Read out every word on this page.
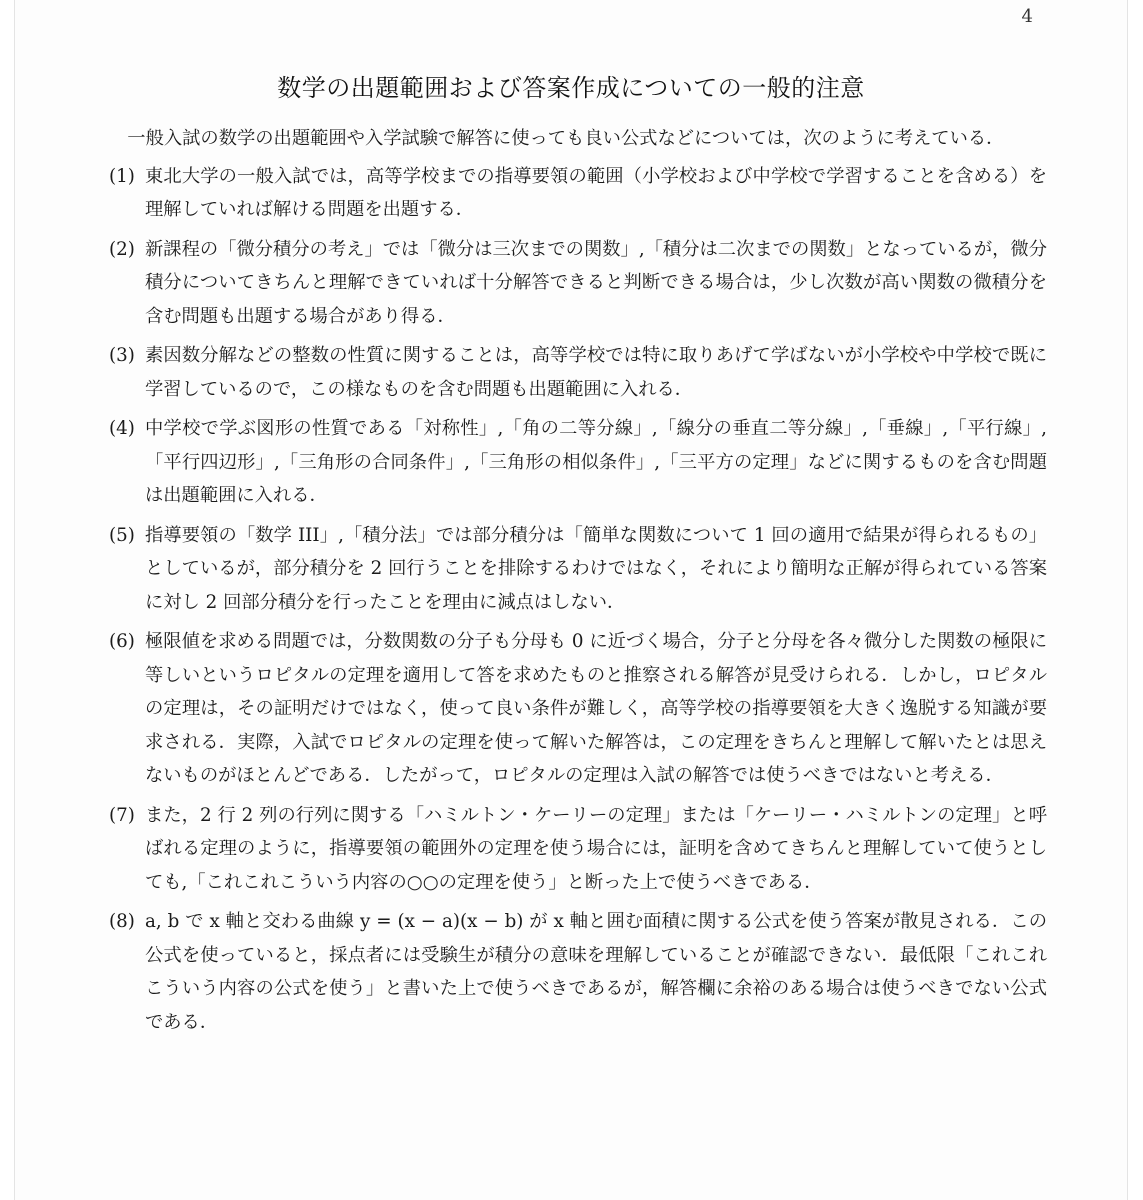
4
数学の出題範囲および答案作成についての一般的注意

一般入試の数学の出題範囲や入学試験で解答に使っても良い公式などについては，次のように考えている．

(1) 東北大学の一般入試では，高等学校までの指導要領の範囲（小学校および中学校で学習することを含める）を理解していれば解ける問題を出題する．
(2) 新課程の「微分積分の考え」では「微分は三次までの関数」,「積分は二次までの関数」となっているが，微分積分についてきちんと理解できていれば十分解答できると判断できる場合は，少し次数が高い関数の微積分を含む問題も出題する場合があり得る．
(3) 素因数分解などの整数の性質に関することは，高等学校では特に取りあげて学ばないが小学校や中学校で既に学習しているので，この様なものを含む問題も出題範囲に入れる．
(4) 中学校で学ぶ図形の性質である「対称性」,「角の二等分線」,「線分の垂直二等分線」,「垂線」,「平行線」,「平行四辺形」,「三角形の合同条件」,「三角形の相似条件」,「三平方の定理」などに関するものを含む問題は出題範囲に入れる．
(5) 指導要領の「数学 III」,「積分法」では部分積分は「簡単な関数について 1 回の適用で結果が得られるもの」としているが，部分積分を 2 回行うことを排除するわけではなく，それにより簡明な正解が得られている答案に対し 2 回部分積分を行ったことを理由に減点はしない．
(6) 極限値を求める問題では，分数関数の分子も分母も 0 に近づく場合，分子と分母を各々微分した関数の極限に等しいというロピタルの定理を適用して答を求めたものと推察される解答が見受けられる．しかし，ロピタルの定理は，その証明だけではなく，使って良い条件が難しく，高等学校の指導要領を大きく逸脱する知識が要求される．実際，入試でロピタルの定理を使って解いた解答は，この定理をきちんと理解して解いたとは思えないものがほとんどである．したがって，ロピタルの定理は入試の解答では使うべきではないと考える．
(7) また，2 行 2 列の行列に関する「ハミルトン・ケーリーの定理」または「ケーリー・ハミルトンの定理」と呼ばれる定理のように，指導要領の範囲外の定理を使う場合には，証明を含めてきちんと理解していて使うとしても,「これこれこういう内容の○○の定理を使う」と断った上で使うべきである．
(8) a, b で x 軸と交わる曲線 y = (x − a)(x − b) が x 軸と囲む面積に関する公式を使う答案が散見される．この公式を使っていると，採点者には受験生が積分の意味を理解していることが確認できない．最低限「これこれこういう内容の公式を使う」と書いた上で使うべきであるが，解答欄に余裕のある場合は使うべきでない公式である．
